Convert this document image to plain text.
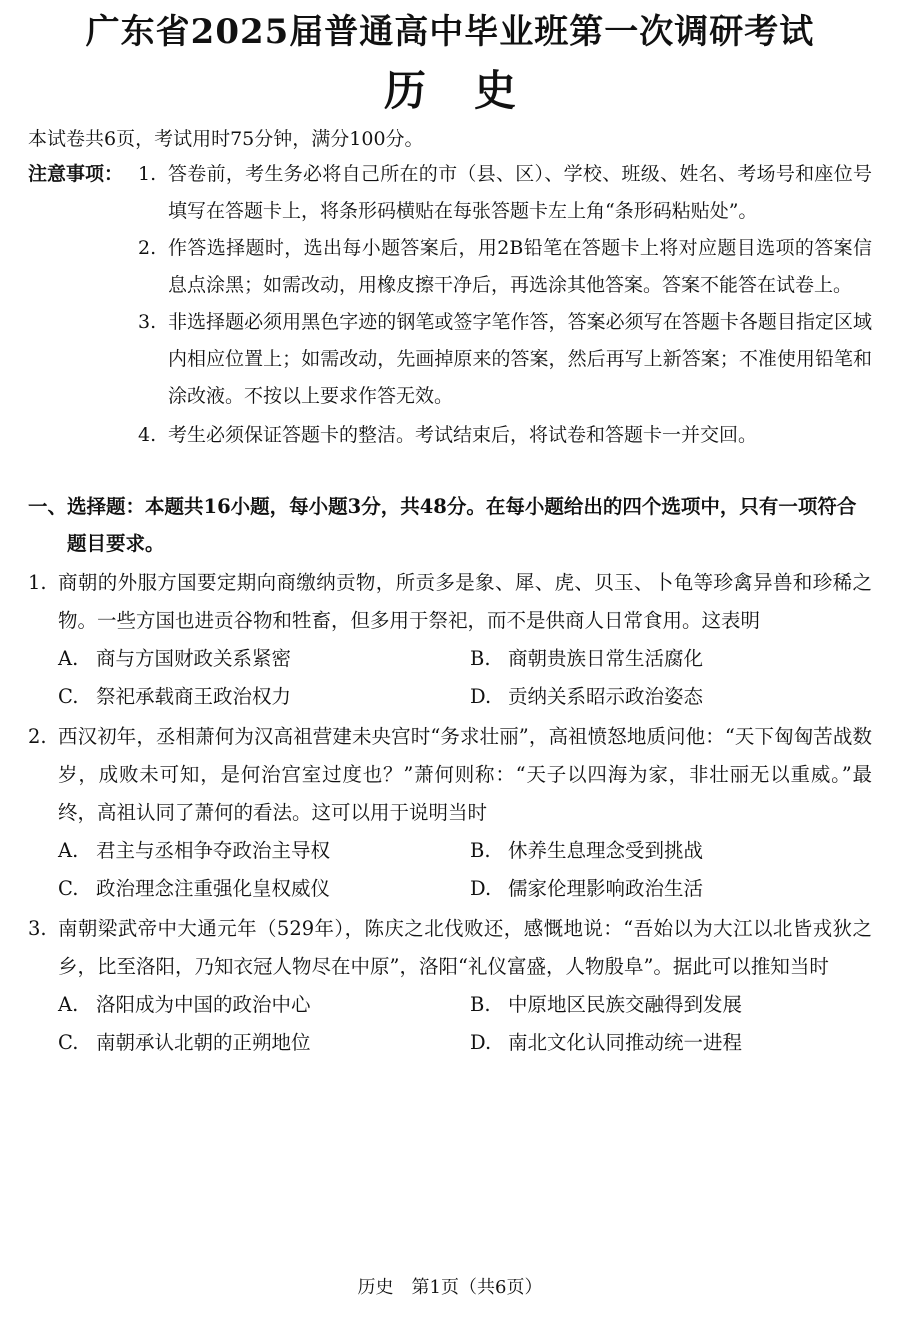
广东省2025届普通高中毕业班第一次调研考试
历史

本试卷共6页，考试用时75分钟，满分100分。

注意事项： 1. 答卷前，考生务必将自己所在的市（县、区）、学校、班级、姓名、考场号和座位号填写在答题卡上，将条形码横贴在每张答题卡左上角“条形码粘贴处”。
2. 作答选择题时，选出每小题答案后，用2B铅笔在答题卡上将对应题目选项的答案信息点涂黑；如需改动，用橡皮擦干净后，再选涂其他答案。答案不能答在试卷上。
3. 非选择题必须用黑色字迹的钢笔或签字笔作答，答案必须写在答题卡各题目指定区域内相应位置上；如需改动，先画掉原来的答案，然后再写上新答案；不准使用铅笔和涂改液。不按以上要求作答无效。
4. 考生必须保证答题卡的整洁。考试结束后，将试卷和答题卡一并交回。
一、 选择题：本题共16小题，每小题3分，共48分。在每小题给出的四个选项中，只有一项符合题目要求。
1. 商朝的外服方国要定期向商缴纳贡物，所贡多是象、犀、虎、贝玉、卜龟等珍禽异兽和珍稀之物。一些方国也进贡谷物和牲畜，但多用于祭祀，而不是供商人日常食用。这表明
A. 商与方国财政关系紧密	B. 商朝贵族日常生活腐化
C. 祭祀承载商王政治权力	D. 贡纳关系昭示政治姿态
2. 西汉初年，丞相萧何为汉高祖营建未央宫时“务求壮丽”，高祖愤怒地质问他：“天下匈匈苦战数岁，成败未可知，是何治宫室过度也？”萧何则称：“天子以四海为家，非壮丽无以重威。”最终，高祖认同了萧何的看法。这可以用于说明当时
A. 君主与丞相争夺政治主导权	B. 休养生息理念受到挑战
C. 政治理念注重强化皇权威仪	D. 儒家伦理影响政治生活
3. 南朝梁武帝中大通元年（529年），陈庆之北伐败还，感慨地说：“吾始以为大江以北皆戎狄之乡，比至洛阳，乃知衣冠人物尽在中原”，洛阳“礼仪富盛，人物殷阜”。据此可以推知当时
A. 洛阳成为中国的政治中心	B. 中原地区民族交融得到发展
C. 南朝承认北朝的正朔地位	D. 南北文化认同推动统一进程
历史　第1页（共6页）
